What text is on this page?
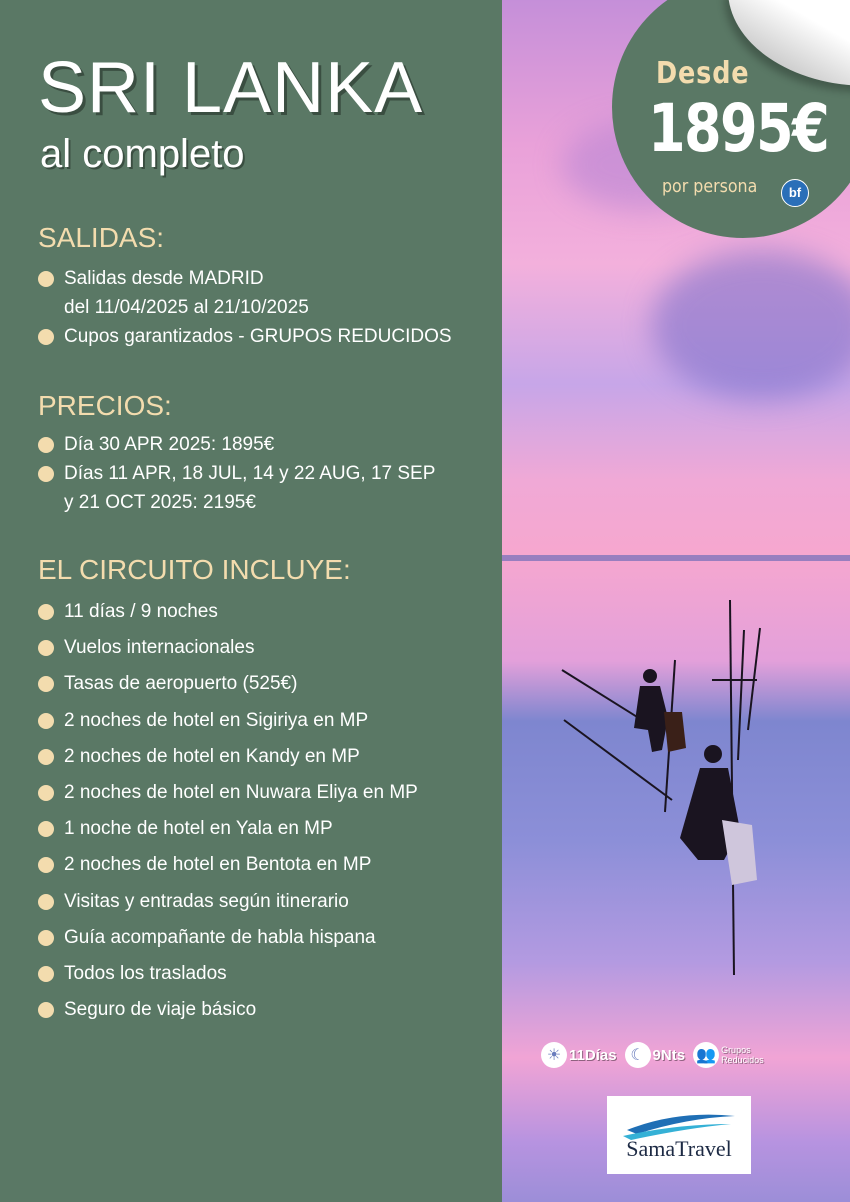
SRI LANKA
al completo
SALIDAS:
Salidas desde MADRID
del 11/04/2025 al 21/10/2025
Cupos garantizados - GRUPOS REDUCIDOS
PRECIOS:
Día 30 APR 2025: 1895€
Días 11 APR, 18 JUL, 14 y 22 AUG, 17 SEP
y 21 OCT 2025: 2195€
EL CIRCUITO INCLUYE:
11 días / 9 noches
Vuelos internacionales
Tasas de aeropuerto (525€)
2 noches de hotel en Sigiriya en MP
2 noches de hotel en Kandy en MP
2 noches de hotel en Nuwara Eliya en MP
1 noche de hotel en Yala en MP
2 noches de hotel en Bentota en MP
Visitas y entradas según itinerario
Guía acompañante de habla hispana
Todos los traslados
Seguro de viaje básico
Desde
1895€
por persona	bf
☀ 11Días ☾ 9Nts 👥 Grupos
Reducidos
SamaTravel
